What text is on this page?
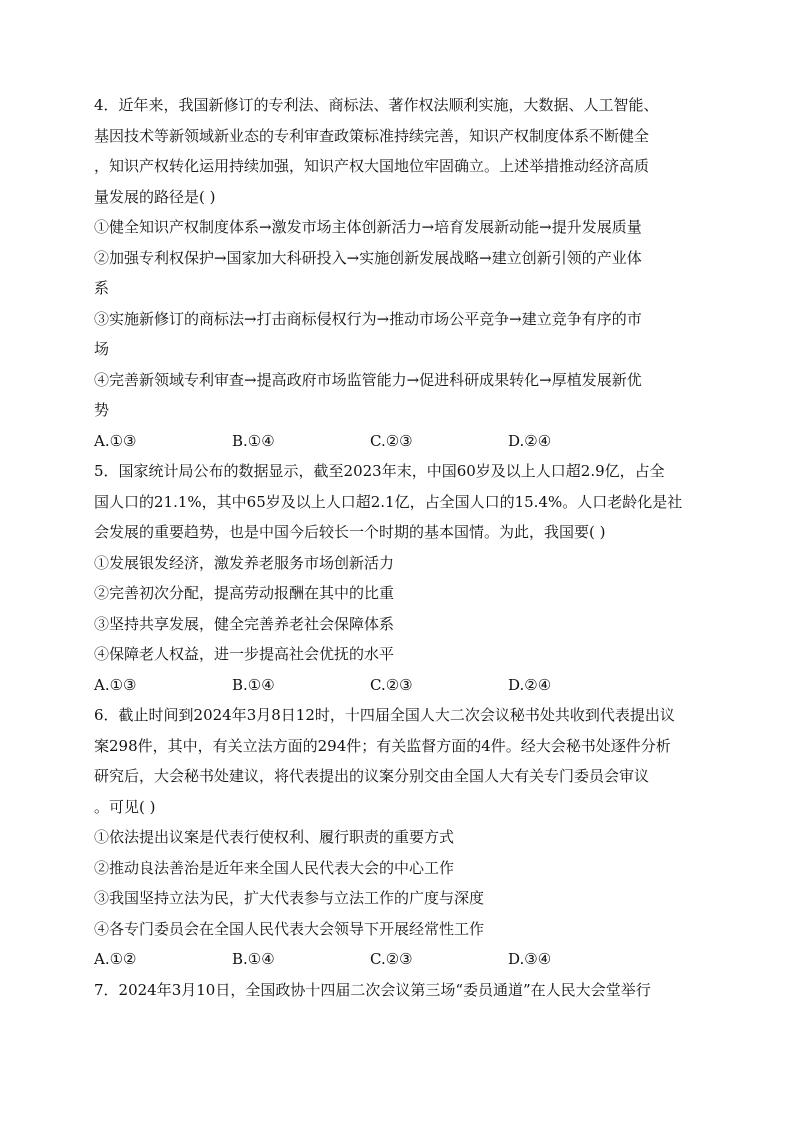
4．近年来，我国新修订的专利法、商标法、著作权法顺利实施，大数据、人工智能、
基因技术等新领域新业态的专利审查政策标准持续完善，知识产权制度体系不断健全
，知识产权转化运用持续加强，知识产权大国地位牢固确立。上述举措推动经济高质
量发展的路径是( )
①健全知识产权制度体系→激发市场主体创新活力→培育发展新动能→提升发展质量
②加强专利权保护→国家加大科研投入→实施创新发展战略→建立创新引领的产业体
系
③实施新修订的商标法→打击商标侵权行为→推动市场公平竞争→建立竞争有序的市
场
④完善新领域专利审查→提高政府市场监管能力→促进科研成果转化→厚植发展新优
势
A.①③	B.①④	C.②③	D.②④
5．国家统计局公布的数据显示，截至2023年末，中国60岁及以上人口超2.9亿，占全
国人口的21.1%，其中65岁及以上人口超2.1亿，占全国人口的15.4%。人口老龄化是社
会发展的重要趋势，也是中国今后较长一个时期的基本国情。为此，我国要( )
①发展银发经济，激发养老服务市场创新活力
②完善初次分配，提高劳动报酬在其中的比重
③坚持共享发展，健全完善养老社会保障体系
④保障老人权益，进一步提高社会优抚的水平
A.①③	B.①④	C.②③	D.②④
6．截止时间到2024年3月8日12时，十四届全国人大二次会议秘书处共收到代表提出议
案298件，其中，有关立法方面的294件；有关监督方面的4件。经大会秘书处逐件分析
研究后，大会秘书处建议，将代表提出的议案分别交由全国人大有关专门委员会审议
。可见( )
①依法提出议案是代表行使权利、履行职责的重要方式
②推动良法善治是近年来全国人民代表大会的中心工作
③我国坚持立法为民，扩大代表参与立法工作的广度与深度
④各专门委员会在全国人民代表大会领导下开展经常性工作
A.①②	B.①④	C.②③	D.③④
7．2024年3月10日，全国政协十四届二次会议第三场“委员通道”在人民大会堂举行
